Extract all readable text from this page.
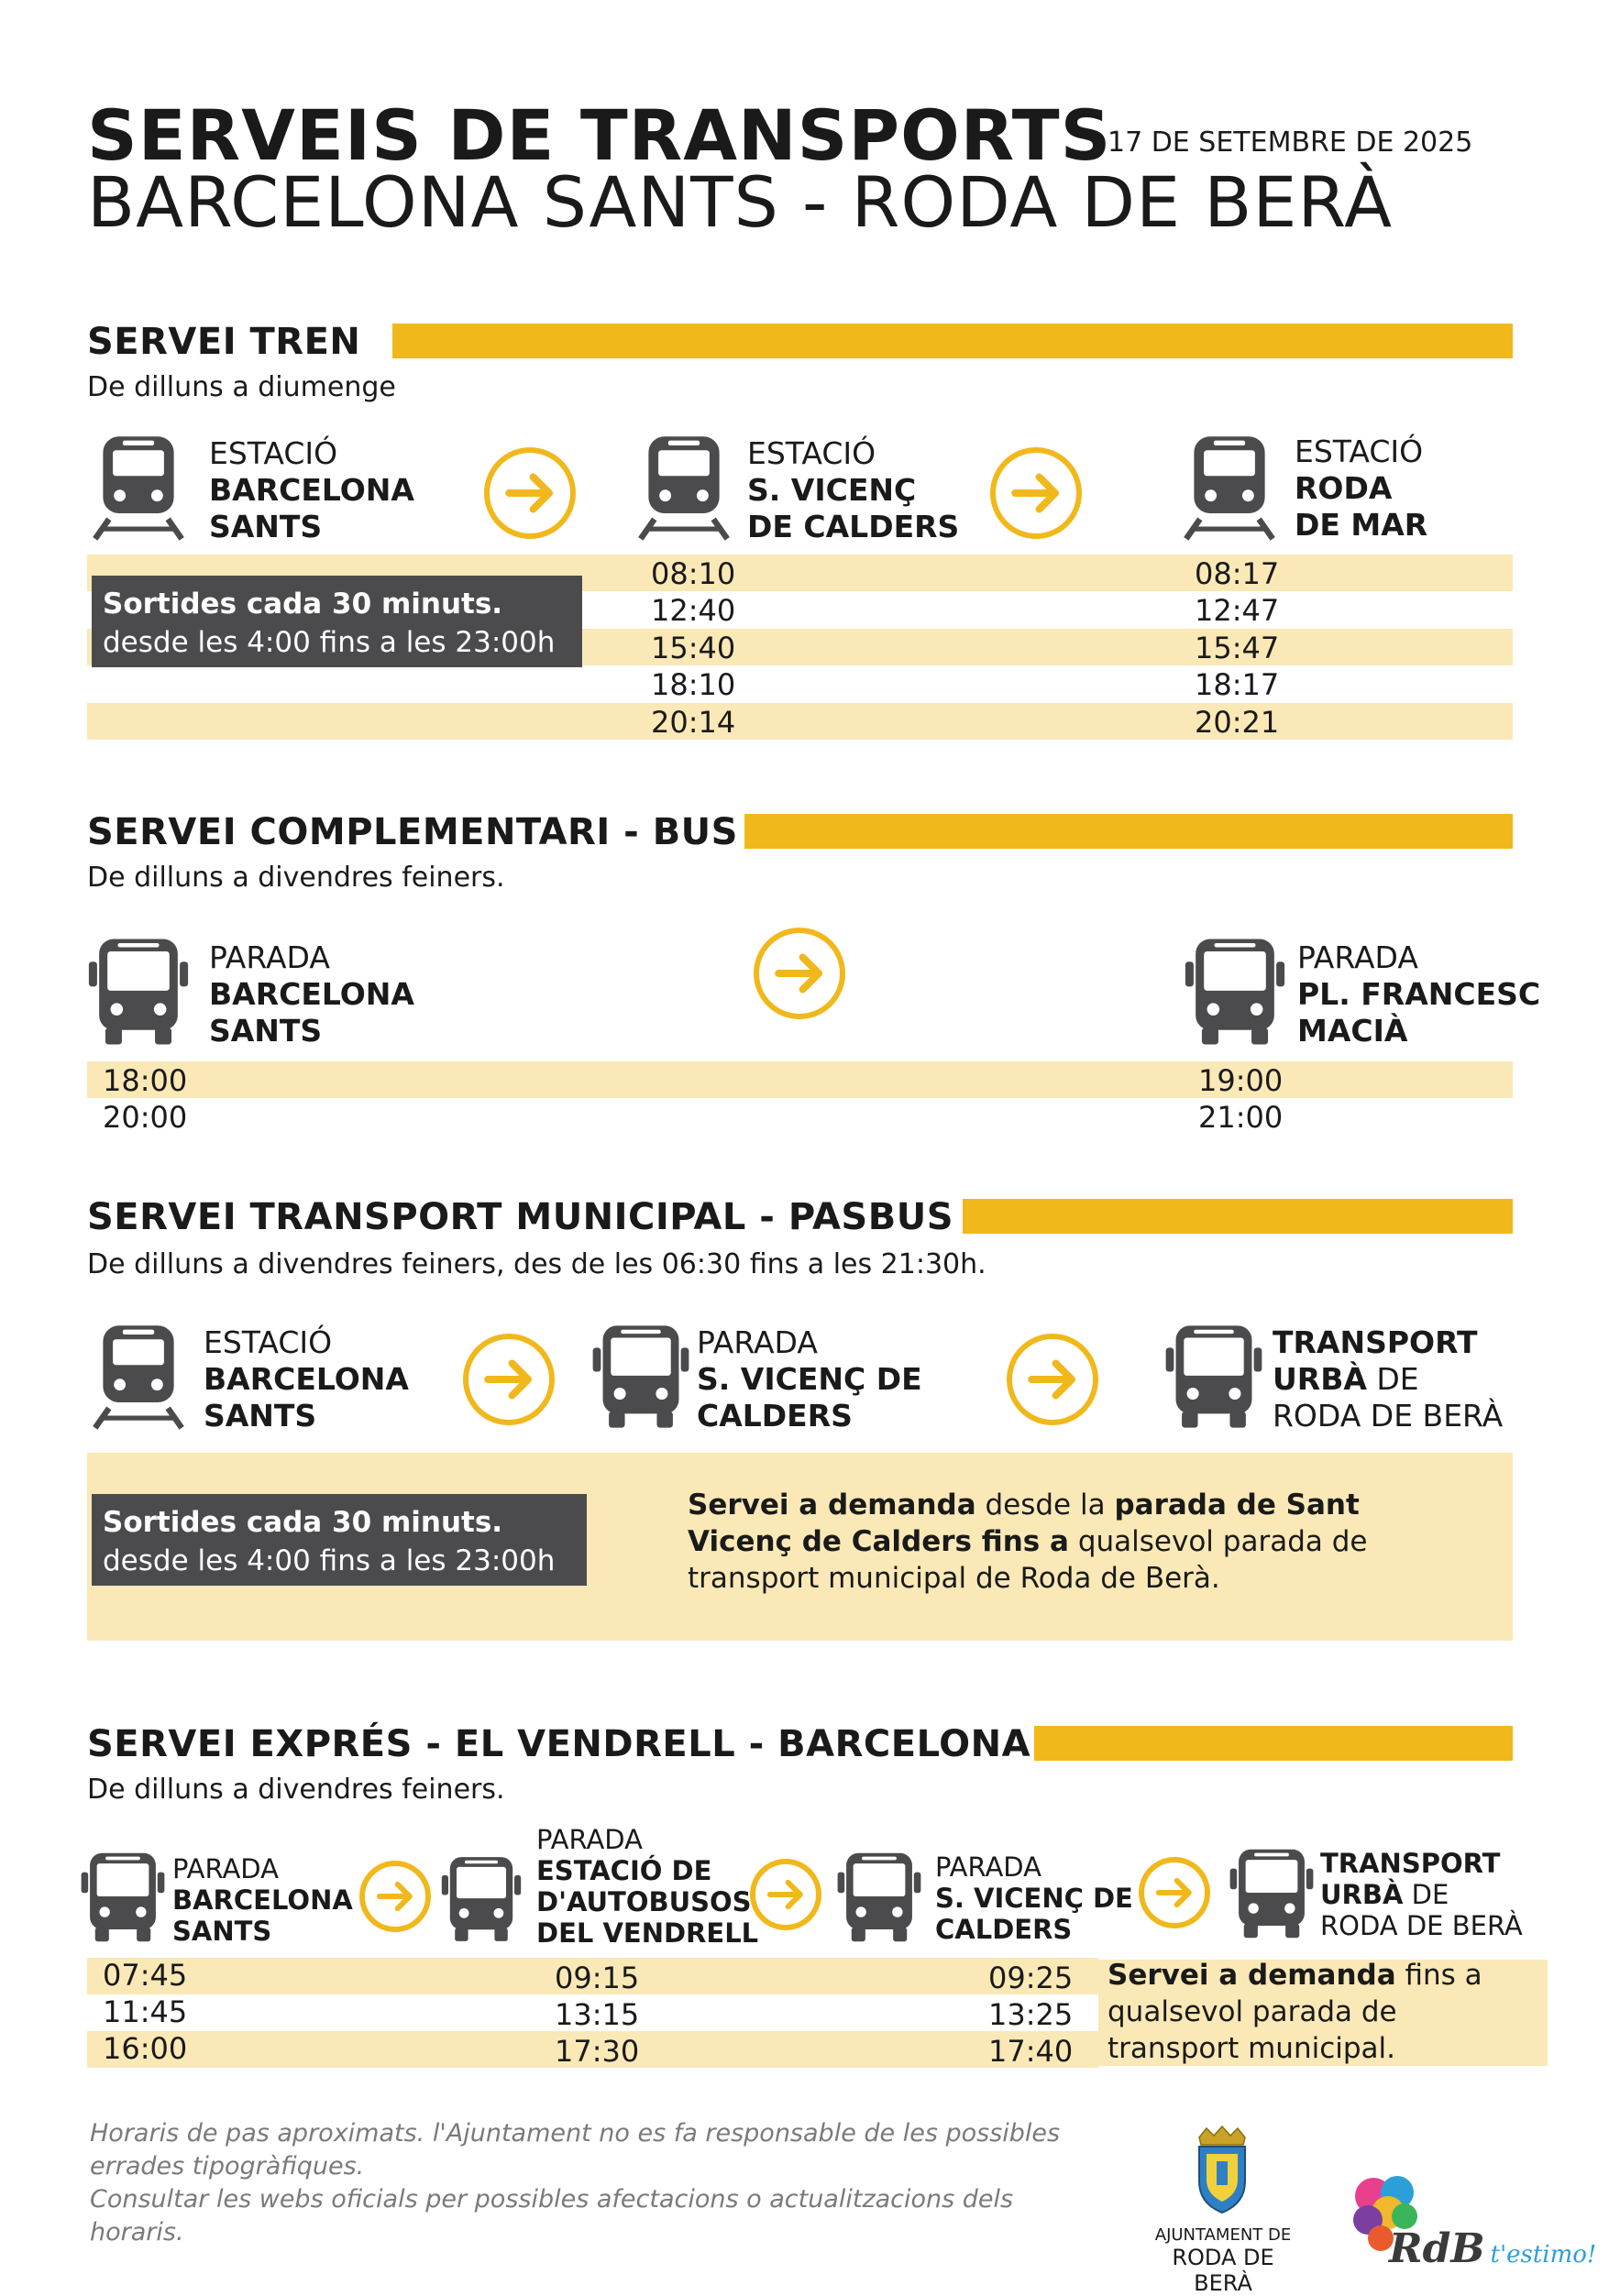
SERVEIS DE TRANSPORTS
17 DE SETEMBRE DE 2025
BARCELONA SANTS - RODA DE BERÀ
SERVEI TREN
De dilluns a diumenge
ESTACIÓ
BARCELONA
SANTS
ESTACIÓ
S. VICENÇ
DE CALDERS
ESTACIÓ
RODA
DE MAR
Sortides cada 30 minuts.
desde les 4:00 fins a les 23:00h
08:10
12:40
15:40
18:10
20:14
08:17
12:47
15:47
18:17
20:21
SERVEI COMPLEMENTARI - BUS
De dilluns a divendres feiners.
PARADA
BARCELONA
SANTS
PARADA
PL. FRANCESC
MACIÀ
18:00
20:00
19:00
21:00
SERVEI TRANSPORT MUNICIPAL - PASBUS
De dilluns a divendres feiners, des de les 06:30 fins a les 21:30h.
ESTACIÓ
BARCELONA
SANTS
PARADA
S. VICENÇ DE
CALDERS
TRANSPORT
URBÀ DE
RODA DE BERÀ
Sortides cada 30 minuts.
desde les 4:00 fins a les 23:00h
Servei a demanda desde la parada de Sant
Vicenç de Calders fins a qualsevol parada de
transport municipal de Roda de Berà.
SERVEI EXPRÉS - EL VENDRELL - BARCELONA
De dilluns a divendres feiners.
PARADA
BARCELONA
SANTS
PARADA
ESTACIÓ DE
D'AUTOBUSOS
DEL VENDRELL
PARADA
S. VICENÇ DE
CALDERS
TRANSPORT
URBÀ DE
RODA DE BERÀ
07:45
11:45
16:00
09:15
13:15
17:30
09:25
13:25
17:40
Servei a demanda fins a
qualsevol parada de
transport municipal.
Horaris de pas aproximats. l'Ajuntament no es fa responsable de les possibles
errades tipogràfiques.
Consultar les webs oficials per possibles afectacions o actualitzacions dels
horaris.	AJUNTAMENT DE
RODA DE BERÀ
RdB t'estimo!
